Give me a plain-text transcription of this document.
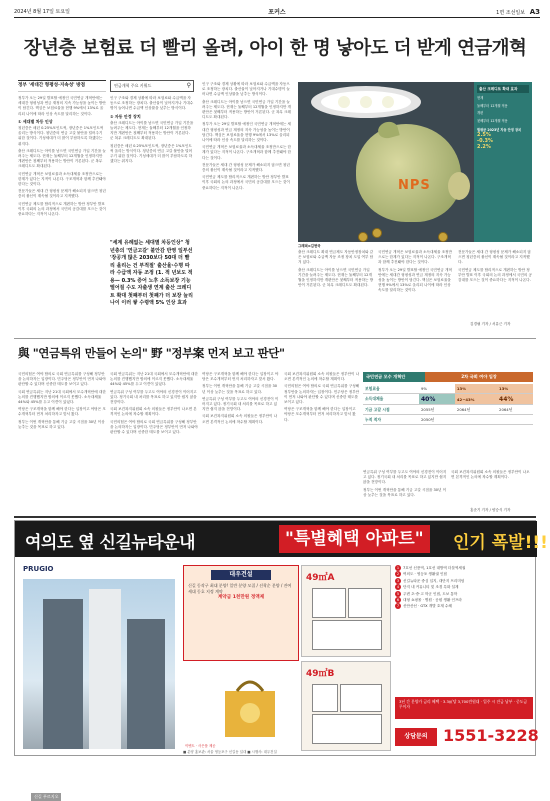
2024년 8월 17일 토요일	포커스	1면 조선일보 A3
장년층 보험료 더 빨리 올려, 아이 한 명 낳아도 더 받게 연금개혁
정부 '세대간 형평성·지속성' 방점

정부가 오는 29일 발표할 예정인 국민연금 개혁안에는 세대간 형평성과 연금 재정의 지속 가능성을 높이는 방안이 담긴다. 핵심은 보험료율을 현행 9%에서 13%로 올리되 나이에 따라 인상 속도를 달리하는 것이다.

① 세대별 차등 인상

청년층은 매년 0.25%포인트씩, 장년층은 1%포인트씩 올리는 방식이다. 청년층의 연금 고갈 불안을 덜어주기 위한 것이다. 기성세대가 더 많이 부담하도록 하겠다는 취지다.

출산 크레디트는 아이를 낳으면 국민연금 가입 기간을 늘려주는 제도다. 현재는 둘째부터 12개월을 인정하지만 개편안은 첫째부터 적용하는 방안이 거론된다. 군 복무 크레디트도 확대된다.

국민연금 개혁은 보험료율과 소득대체율 조정만으로는 한계가 있다는 지적이 나온다. 구조개혁과 함께 추진돼야 한다는 것이다.

전문가들은 세대 간 형평성 문제가 해소되지 않으면 청년층의 불신이 계속될 것이라고 지적했다.

국민연금 제도를 합리적으로 개편하는 방안 정부안 발표 이후 국회의 논의 과정에서 국민의 공감대를 모으는 것이 중요하다는 지적이 나온다.

연금개혁 주요 키워드	⚲

인구 구조와 경제 상황에 따라 보험료와 수급액을 자동으로 조정하는 장치다. 출산율이 낮아지거나 기대수명이 늘어나면 수급액 인상률을 낮추는 방식이다.

② 자동 안정 장치

출산 크레디트는 아이를 낳으면 국민연금 가입 기간을 늘려주는 제도다. 현재는 둘째부터 12개월을 인정하지만 개편안은 첫째부터 적용하는 방안이 거론된다. 군 복무 크레디트도 확대된다.

청년층은 매년 0.25%포인트씩, 장년층은 1%포인트씩 올리는 방식이다. 청년층의 연금 고갈 불안을 덜어주기 위한 것이다. 기성세대가 더 많이 부담하도록 하겠다는 취지다.

"세계 유례없는 세대별 차등인상" 청년층의 '연금고갈' 불안감 반영 일부선 '장공개 많은 2030보다 50대 더 빨리 올리는 건 부적절' 출산율·수명 따라 수급액 자동 조정 (1. 적 년보도 적용— 0.3% 증어 노후 소득보장 기능 떨어질 수도 자출생 연계 출산 크레디트 확대 첫째부터 첫째가 더 보장 늘리 나이 이러 쌓 수령액 5% 인상 효과

인구 구조와 경제 상황에 따라 보험료와 수급액을 자동으로 조정하는 장치다. 출산율이 낮아지거나 기대수명이 늘어나면 수급액 인상률을 낮추는 방식이다.

출산 크레디트는 아이를 낳으면 국민연금 가입 기간을 늘려주는 제도다. 현재는 둘째부터 12개월을 인정하지만 개편안은 첫째부터 적용하는 방안이 거론된다. 군 복무 크레디트도 확대된다.

정부가 오는 29일 발표할 예정인 국민연금 개혁안에는 세대간 형평성과 연금 재정의 지속 가능성을 높이는 방안이 담긴다. 핵심은 보험료율을 현행 9%에서 13%로 올리되 나이에 따라 인상 속도를 달리하는 것이다.

국민연금 개혁은 보험료율과 소득대체율 조정만으로는 한계가 있다는 지적이 나온다. 구조개혁과 함께 추진돼야 한다는 것이다.

전문가들은 세대 간 형평성 문제가 해소되지 않으면 청년층의 불신이 계속될 것이라고 지적했다.

국민연금 제도를 합리적으로 개편하는 방안 정부안 발표 이후 국회의 논의 과정에서 국민의 공감대를 모으는 것이 중요하다는 지적이 나온다.	NPS
출산 크레디트 확대 효과
현재
둘째부터 12개월 적용
개편
첫째부터 12개월 적용
월평균 2023년 자동 안정 장치
2.5%
-0.3%
2.2%
그래픽=김현국

출산 크레디트 확대 연금제도 자동안정장치와 같은 보험료와 수급액 자동 조정 장치 도입 여부 담겨 있다.

출산 크레디트는 아이를 낳으면 국민연금 가입 기간을 늘려주는 제도다. 현재는 둘째부터 12개월을 인정하지만 개편안은 첫째부터 적용하는 방안이 거론된다. 군 복무 크레디트도 확대된다.

국민연금 개혁은 보험료율과 소득대체율 조정만으로는 한계가 있다는 지적이 나온다. 구조개혁과 함께 추진돼야 한다는 것이다.

정부가 오는 29일 발표할 예정인 국민연금 개혁안에는 세대간 형평성과 연금 재정의 지속 가능성을 높이는 방안이 담긴다. 핵심은 보험료율을 현행 9%에서 13%로 올리되 나이에 따라 인상 속도를 달리하는 것이다.

전문가들은 세대 간 형평성 문제가 해소되지 않으면 청년층의 불신이 계속될 것이라고 지적했다.

국민연금 제도를 합리적으로 개편하는 방안 정부안 발표 이후 국회의 논의 과정에서 국민의 공감대를 모으는 것이 중요하다는 지적이 나온다.

김경필 기자 / 서유근 기자
與 "연금특위 만들어 논의" 野 "정부案 먼저 보고 판단"

국민의힘은 여야 합의로 국회 연금특위를 구성해 정부안을 논의하자는 입장이다. 민주당은 정부안이 먼저 나와야 판단할 수 있다며 신중한 태도를 보이고 있다.

국회 연금특위는 지난 21대 국회에서 모수개혁안에 대한 논의를 진행했지만 합의에 이르지 못했다. 소득대체율 44%와 45%를 두고 이견이 있었다.

여당은 구조개혁을 함께 해야 한다는 입장이고 야당은 모수개혁부터 먼저 처리하자고 맞서 왔다.

정부는 이번 개혁안을 통해 기금 고갈 시점을 30년 이상 늦추는 것을 목표로 하고 있다.

국회 연금특위는 지난 21대 국회에서 모수개혁안에 대한 논의를 진행했지만 합의에 이르지 못했다. 소득대체율 44%와 45%를 두고 이견이 있었다.

연금특위 구성 여부를 두고도 여야의 신경전이 이어지고 있다. 정기국회 내 처리를 목표로 하고 있지만 쉽지 않을 전망이다.

국회 보건복지위원회 소속 의원들은 정부안이 나오면 본격적인 논의에 착수할 계획이다.

국민의힘은 여야 합의로 국회 연금특위를 구성해 정부안을 논의하자는 입장이다. 민주당은 정부안이 먼저 나와야 판단할 수 있다며 신중한 태도를 보이고 있다.

여당은 구조개혁을 함께 해야 한다는 입장이고 야당은 모수개혁부터 먼저 처리하자고 맞서 왔다.

정부는 이번 개혁안을 통해 기금 고갈 시점을 30년 이상 늦추는 것을 목표로 하고 있다.

연금특위 구성 여부를 두고도 여야의 신경전이 이어지고 있다. 정기국회 내 처리를 목표로 하고 있지만 쉽지 않을 전망이다.

국회 보건복지위원회 소속 의원들은 정부안이 나오면 본격적인 논의에 착수할 계획이다.

국회 보건복지위원회 소속 의원들은 정부안이 나오면 본격적인 논의에 착수할 계획이다.

국민의힘은 여야 합의로 국회 연금특위를 구성해 정부안을 논의하자는 입장이다. 민주당은 정부안이 먼저 나와야 판단할 수 있다며 신중한 태도를 보이고 있다.

여당은 구조개혁을 함께 해야 한다는 입장이고 야당은 모수개혁부터 먼저 처리하자고 맞서 왔다.

국민연금 모수 개혁안	2차 국회 여야 입장
보험료율	9%	13%	13%
소득대체율	40%	42~43%	44%
기금 고갈 시점	2055년	2064년	2064년
누적 적자	2050년		

연금특위 구성 여부를 두고도 여야의 신경전이 이어지고 있다. 정기국회 내 처리를 목표로 하고 있지만 쉽지 않을 전망이다.

정부는 이번 개혁안을 통해 기금 고갈 시점을 30년 이상 늦추는 것을 목표로 하고 있다.

국회 보건복지위원회 소속 의원들은 정부안이 나오면 본격적인 논의에 착수할 계획이다.

홍준기 기자 / 양승식 기자
여의도 옆 신길뉴타운내	"특별혜택 아파트"	인기 폭발!!!
PRUGIO
신길 푸르지오
대우건설
신길 동작구 최대 분양! 일반 분양 모집 / 선착순 분양 / 잔여세대 동호 지정 계약
계약금 1천만원 정액제
이벤트 · 사은품 제공
49㎡A
49㎡B
1 7호선 신풍역, 1호선 대방역 더블역세권
2 여의도 · 영등포 생활권 인접
3 신길뉴타운 중심 입지, 대단지 프리미엄
4 단지 내 커뮤니티 및 조경 특화 설계
5 주변 초·중·고 학군 인접, 도보 통학
6 대형 쇼핑몰 · 병원 · 공원 생활 인프라
7 신안산선 · GTX 개발 호재 수혜
3년 간 분양가 금리 혜택 · 3.3㎡당 3,700만원대 · 입주 시 잔금 납부 · 중도금 무이자
상담문의 1551-3228
■ 분양 홍보관: 서울 영등포구 신길동 일대 ■ 시행사: 대우건설
